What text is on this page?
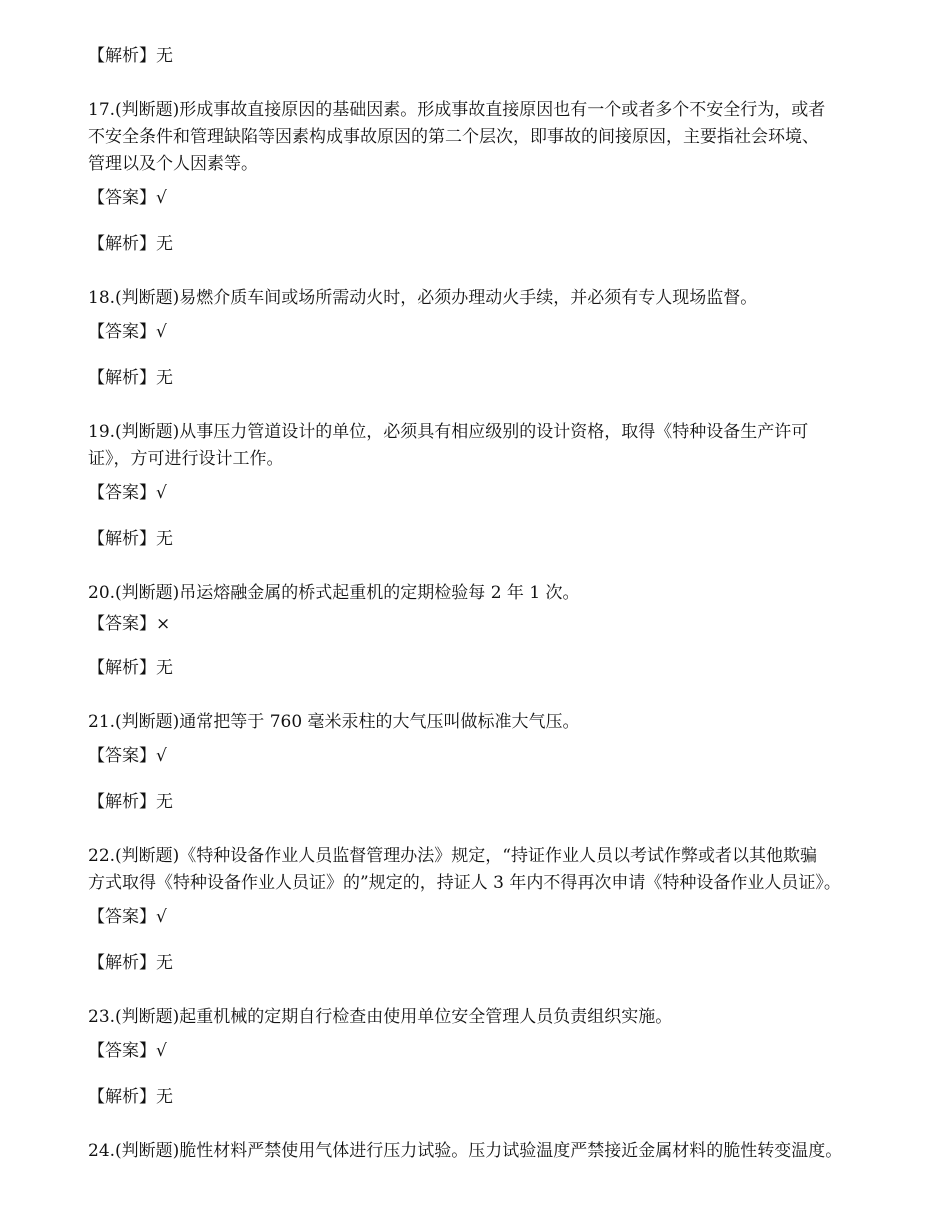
【解析】无
17.(判断题)形成事故直接原因的基础因素。形成事故直接原因也有一个或者多个不安全行为，或者
不安全条件和管理缺陷等因素构成事故原因的第二个层次，即事故的间接原因，主要指社会环境、
管理以及个人因素等。
【答案】√
【解析】无
18.(判断题)易燃介质车间或场所需动火时，必须办理动火手续，并必须有专人现场监督。
【答案】√
【解析】无
19.(判断题)从事压力管道设计的单位，必须具有相应级别的设计资格，取得《特种设备生产许可
证》，方可进行设计工作。
【答案】√
【解析】无
20.(判断题)吊运熔融金属的桥式起重机的定期检验每 2 年 1 次。
【答案】×
【解析】无
21.(判断题)通常把等于 760 毫米汞柱的大气压叫做标准大气压。
【答案】√
【解析】无
22.(判断题)《特种设备作业人员监督管理办法》规定，“持证作业人员以考试作弊或者以其他欺骗
方式取得《特种设备作业人员证》的”规定的，持证人 3 年内不得再次申请《特种设备作业人员证》。
【答案】√
【解析】无
23.(判断题)起重机械的定期自行检查由使用单位安全管理人员负责组织实施。
【答案】√
【解析】无
24.(判断题)脆性材料严禁使用气体进行压力试验。压力试验温度严禁接近金属材料的脆性转变温度。
